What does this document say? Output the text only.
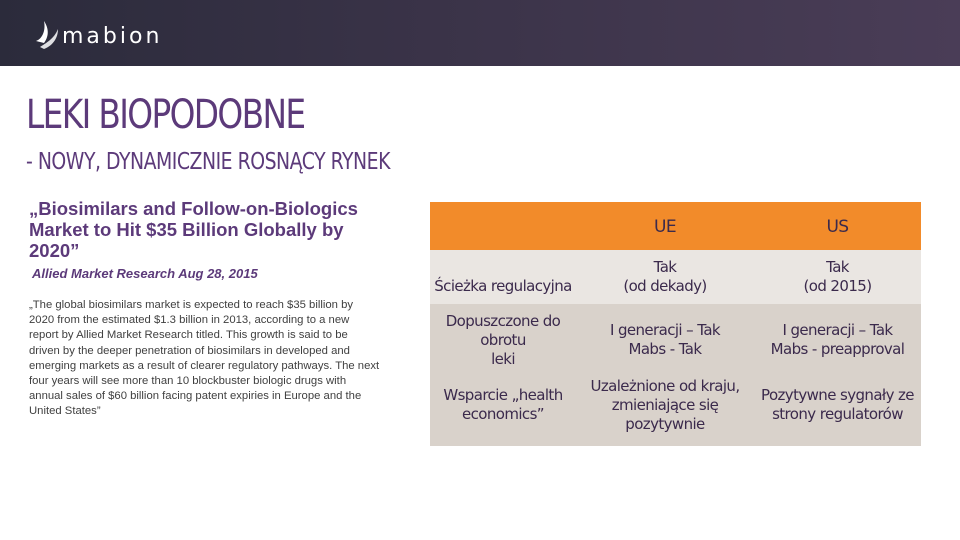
mabion
LEKI BIOPODOBNE
- NOWY, DYNAMICZNIE ROSNĄCY RYNEK
„Biosimilars and Follow-on-Biologics Market to Hit $35 Billion Globally by 2020”
Allied Market Research Aug 28, 2015
„The global biosimilars market is expected to reach $35 billion by 2020 from the estimated $1.3 billion in 2013, according to a new report by Allied Market Research titled. This growth is said to be driven by the deeper penetration of biosimilars in developed and emerging markets as a result of clearer regulatory pathways. The next four years will see more than 10 blockbuster biologic drugs with annual sales of $60 billion facing patent expiries in Europe and the United States”
UE	US
Ścieżka regulacyjna
Tak
(od dekady)
Tak
(od 2015)
Dopuszczone do obrotu
leki
I generacji – Tak
Mabs - Tak
I generacji – Tak
Mabs - preapproval
Wsparcie „health
economics”
Uzależnione od kraju,
zmieniające się pozytywnie
Pozytywne sygnały ze
strony regulatorów
